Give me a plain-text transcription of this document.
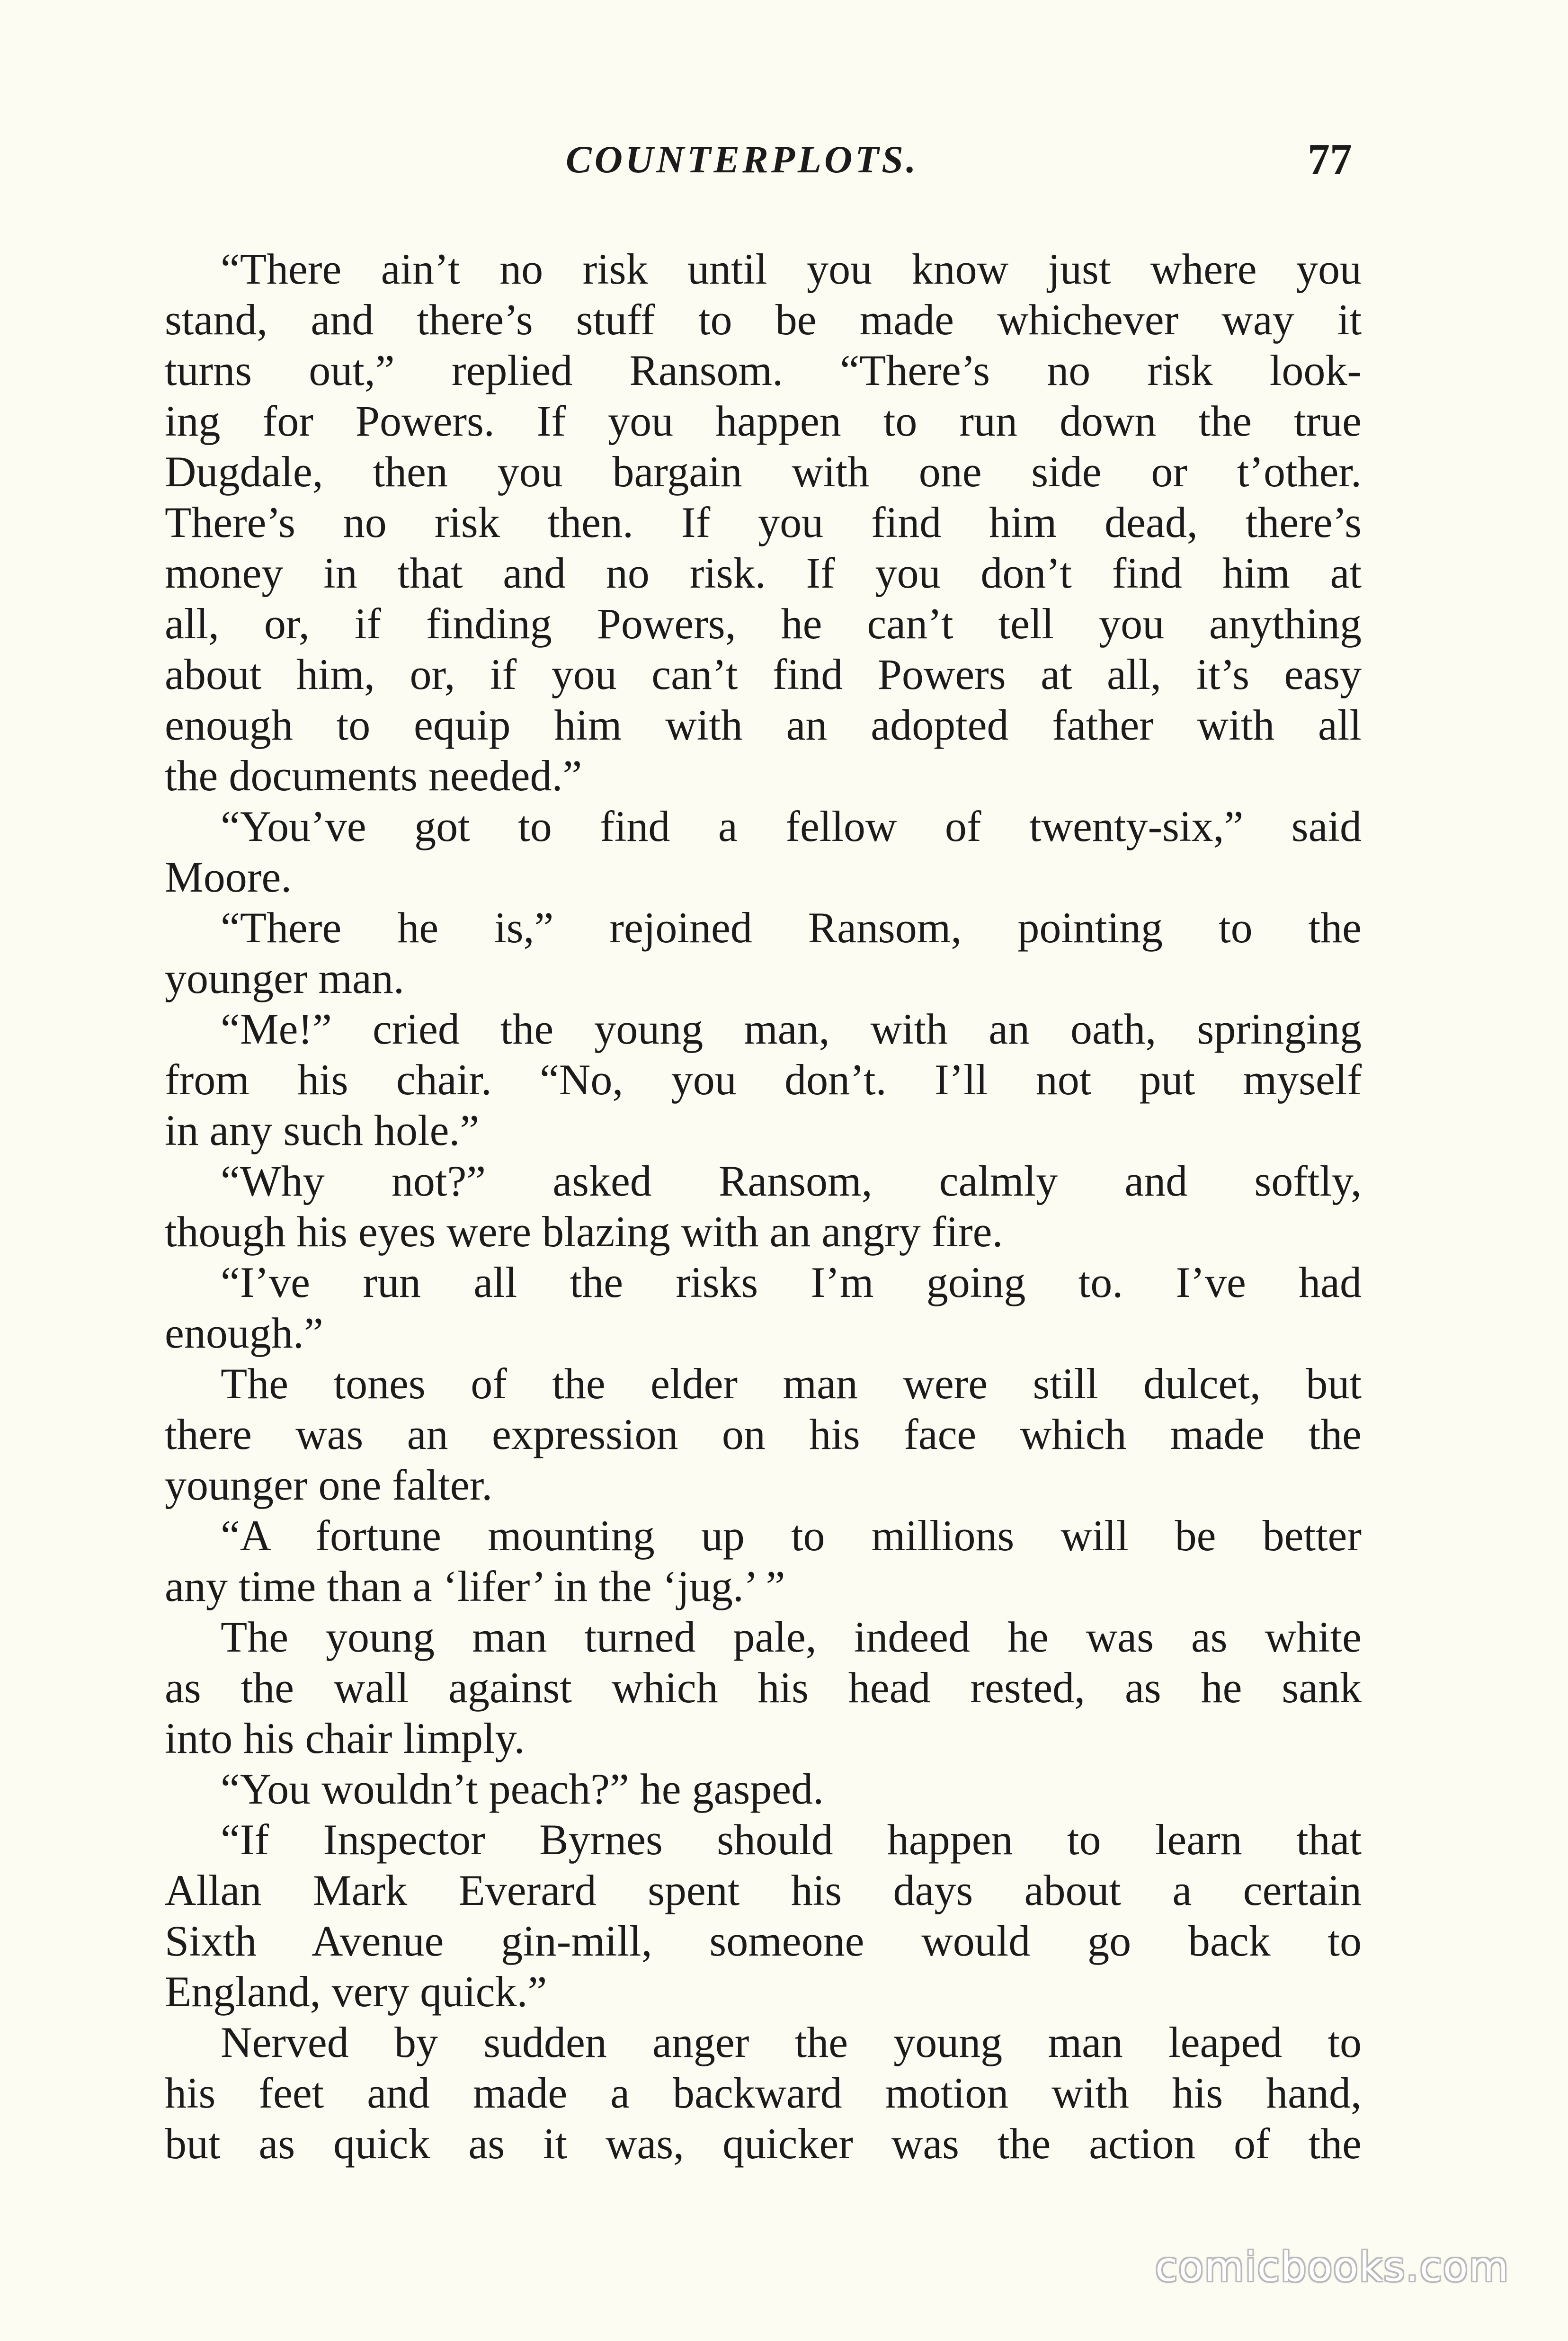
COUNTERPLOTS.	77
“There ain’t no risk until you know just where you
stand, and there’s stuff to be made whichever way it
turns out,” replied Ransom. “There’s no risk look-
ing for Powers. If you happen to run down the true
Dugdale, then you bargain with one side or t’other.
There’s no risk then. If you find him dead, there’s
money in that and no risk. If you don’t find him at
all, or, if finding Powers, he can’t tell you anything
about him, or, if you can’t find Powers at all, it’s easy
enough to equip him with an adopted father with all
the documents needed.”
“You’ve got to find a fellow of twenty-six,” said
Moore.
“There he is,” rejoined Ransom, pointing to the
younger man.
“Me!” cried the young man, with an oath, springing
from his chair. “No, you don’t. I’ll not put myself
in any such hole.”
“Why not?” asked Ransom, calmly and softly,
though his eyes were blazing with an angry fire.
“I’ve run all the risks I’m going to. I’ve had
enough.”
The tones of the elder man were still dulcet, but
there was an expression on his face which made the
younger one falter.
“A fortune mounting up to millions will be better
any time than a ‘lifer’ in the ‘jug.’ ”
The young man turned pale, indeed he was as white
as the wall against which his head rested, as he sank
into his chair limply.
“You wouldn’t peach?” he gasped.
“If Inspector Byrnes should happen to learn that
Allan Mark Everard spent his days about a certain
Sixth Avenue gin-mill, someone would go back to
England, very quick.”
Nerved by sudden anger the young man leaped to
his feet and made a backward motion with his hand,
but as quick as it was, quicker was the action of the
comicbooks.com
